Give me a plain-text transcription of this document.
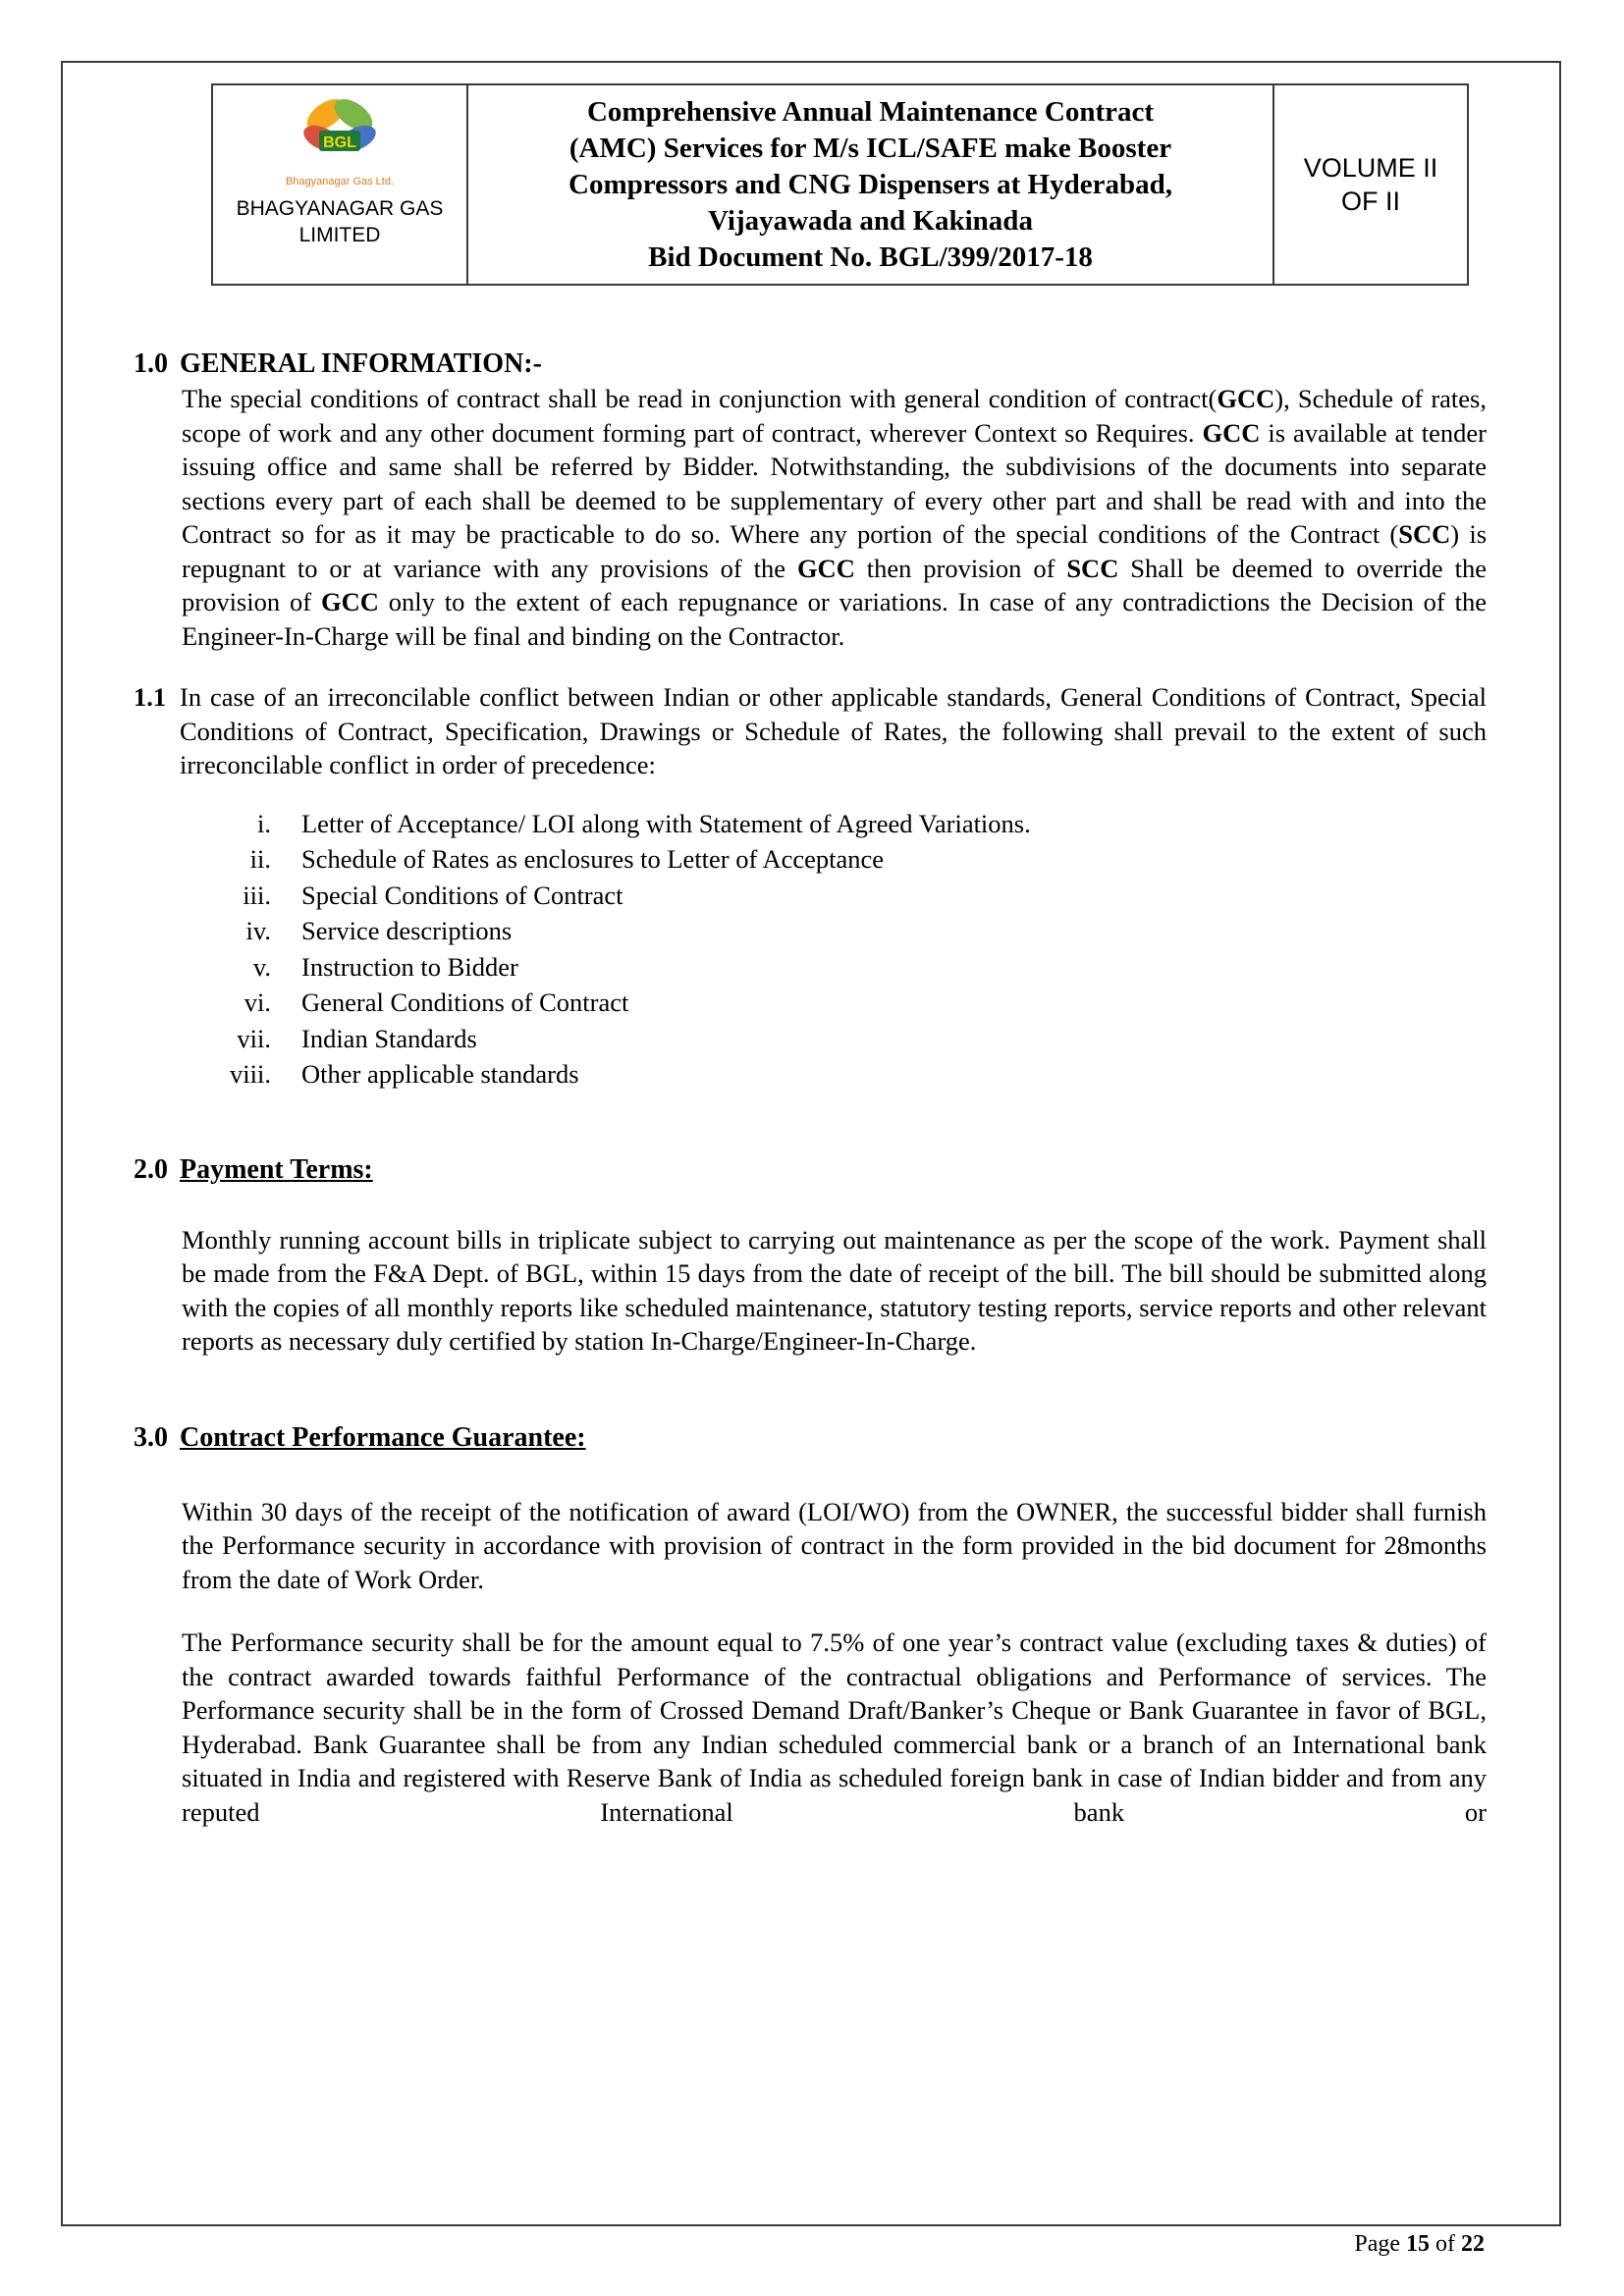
BGL
Bhagyanagar Gas Ltd.
BHAGYANAGAR GAS
LIMITED
Comprehensive Annual Maintenance Contract
(AMC) Services for M/s ICL/SAFE make Booster
Compressors and CNG Dispensers at Hyderabad,
Vijayawada and Kakinada
Bid Document No. BGL/399/2017-18
VOLUME II
OF II
1.0 GENERAL INFORMATION:-

The special conditions of contract shall be read in conjunction with general condition of contract(GCC), Schedule of rates, scope of work and any other document forming part of contract, wherever Context so Requires. GCC is available at tender issuing office and same shall be referred by Bidder. Notwithstanding, the subdivisions of the documents into separate sections every part of each shall be deemed to be supplementary of every other part and shall be read with and into the Contract so for as it may be practicable to do so. Where any portion of the special conditions of the Contract (SCC) is repugnant to or at variance with any provisions of the GCC then provision of SCC Shall be deemed to override the provision of GCC only to the extent of each repugnance or variations. In case of any contradictions the Decision of the Engineer-In-Charge will be final and binding on the Contractor.

1.1 In case of an irreconcilable conflict between Indian or other applicable standards, General Conditions of Contract, Special Conditions of Contract, Specification, Drawings or Schedule of Rates, the following shall prevail to the extent of such irreconcilable conflict in order of precedence:

i.	Letter of Acceptance/ LOI along with Statement of Agreed Variations.
ii.	Schedule of Rates as enclosures to Letter of Acceptance
iii.	Special Conditions of Contract
iv.	Service descriptions
v.	Instruction to Bidder
vi.	General Conditions of Contract
vii.	Indian Standards
viii.	Other applicable standards
2.0 Payment Terms:

Monthly running account bills in triplicate subject to carrying out maintenance as per the scope of the work. Payment shall be made from the F&A Dept. of BGL, within 15 days from the date of receipt of the bill. The bill should be submitted along with the copies of all monthly reports like scheduled maintenance, statutory testing reports, service reports and other relevant reports as necessary duly certified by station In-Charge/Engineer-In-Charge.

3.0 Contract Performance Guarantee:

Within 30 days of the receipt of the notification of award (LOI/WO) from the OWNER, the successful bidder shall furnish the Performance security in accordance with provision of contract in the form provided in the bid document for 28months from the date of Work Order.

The Performance security shall be for the amount equal to 7.5% of one year’s contract value (excluding taxes & duties) of the contract awarded towards faithful Performance of the contractual obligations and Performance of services. The Performance security shall be in the form of Crossed Demand Draft/Banker’s Cheque or Bank Guarantee in favor of BGL, Hyderabad. Bank Guarantee shall be from any Indian scheduled commercial bank or a branch of an International bank situated in India and registered with Reserve Bank of India as scheduled foreign bank in case of Indian bidder and from any reputed International bank or

Page 15 of 22
